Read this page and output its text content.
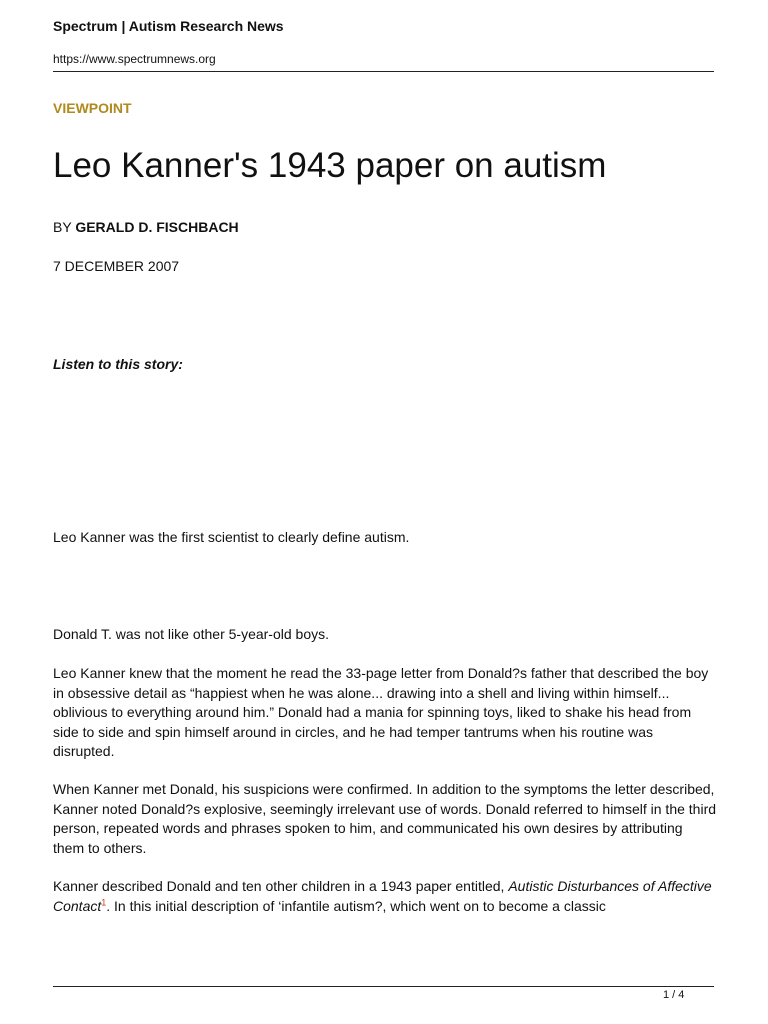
Spectrum | Autism Research News
https://www.spectrumnews.org
VIEWPOINT
Leo Kanner's 1943 paper on autism
BY GERALD D. FISCHBACH
7 DECEMBER 2007
Listen to this story:

Leo Kanner was the first scientist to clearly define autism.

Donald T. was not like other 5-year-old boys.

Leo Kanner knew that the moment he read the 33-page letter from Donald?s father that described the boy in obsessive detail as “happiest when he was alone... drawing into a shell and living within himself... oblivious to everything around him.” Donald had a mania for spinning toys, liked to shake his head from side to side and spin himself around in circles, and he had temper tantrums when his routine was disrupted.

When Kanner met Donald, his suspicions were confirmed. In addition to the symptoms the letter described, Kanner noted Donald?s explosive, seemingly irrelevant use of words. Donald referred to himself in the third person, repeated words and phrases spoken to him, and communicated his own desires by attributing them to others.

Kanner described Donald and ten other children in a 1943 paper entitled, Autistic Disturbances of Affective Contact$^1$. In this initial description of ‘infantile autism?, which went on to become a classic

1 / 4
